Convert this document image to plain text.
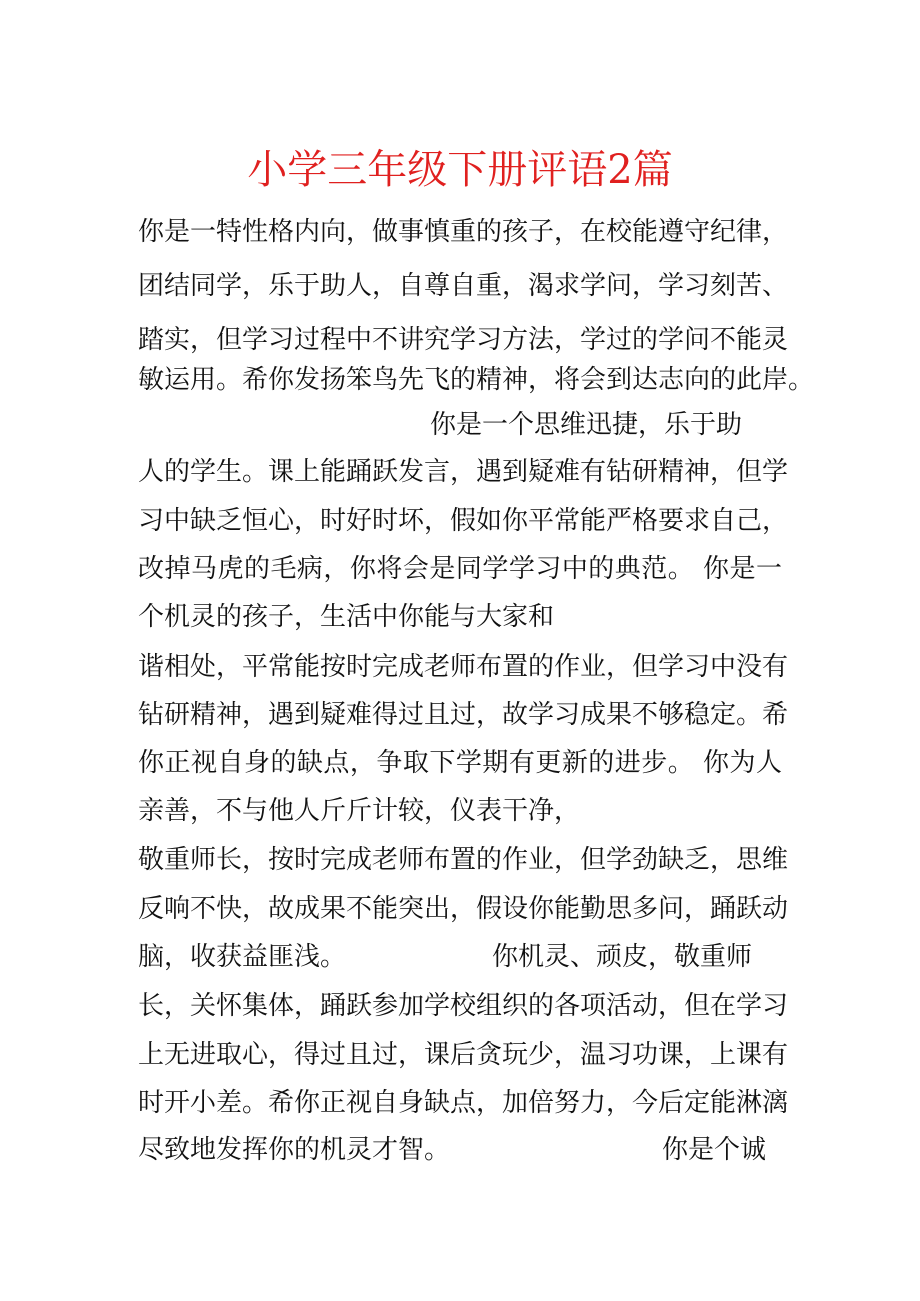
小学三年级下册评语2篇
你是一特性格内向，做事慎重的孩子，在校能遵守纪律，
团结同学，乐于助人，自尊自重，渴求学问，学习刻苦、
踏实，但学习过程中不讲究学习方法，学过的学问不能灵
敏运用。希你发扬笨鸟先飞的精神，将会到达志向的此岸。
你是一个思维迅捷，乐于助
人的学生。课上能踊跃发言，遇到疑难有钻研精神，但学
习中缺乏恒心，时好时坏，假如你平常能严格要求自己，
改掉马虎的毛病，你将会是同学学习中的典范。 你是一
个机灵的孩子，生活中你能与大家和
谐相处，平常能按时完成老师布置的作业，但学习中没有
钻研精神，遇到疑难得过且过，故学习成果不够稳定。希
你正视自身的缺点，争取下学期有更新的进步。 你为人
亲善，不与他人斤斤计较，仪表干净，
敬重师长，按时完成老师布置的作业，但学劲缺乏，思维
反响不快，故成果不能突出，假设你能勤思多问，踊跃动
脑，收获益匪浅。	你机灵、顽皮，敬重师
长，关怀集体，踊跃参加学校组织的各项活动，但在学习
上无进取心，得过且过，课后贪玩少，温习功课，上课有
时开小差。希你正视自身缺点，加倍努力，今后定能淋漓
尽致地发挥你的机灵才智。	你是个诚
